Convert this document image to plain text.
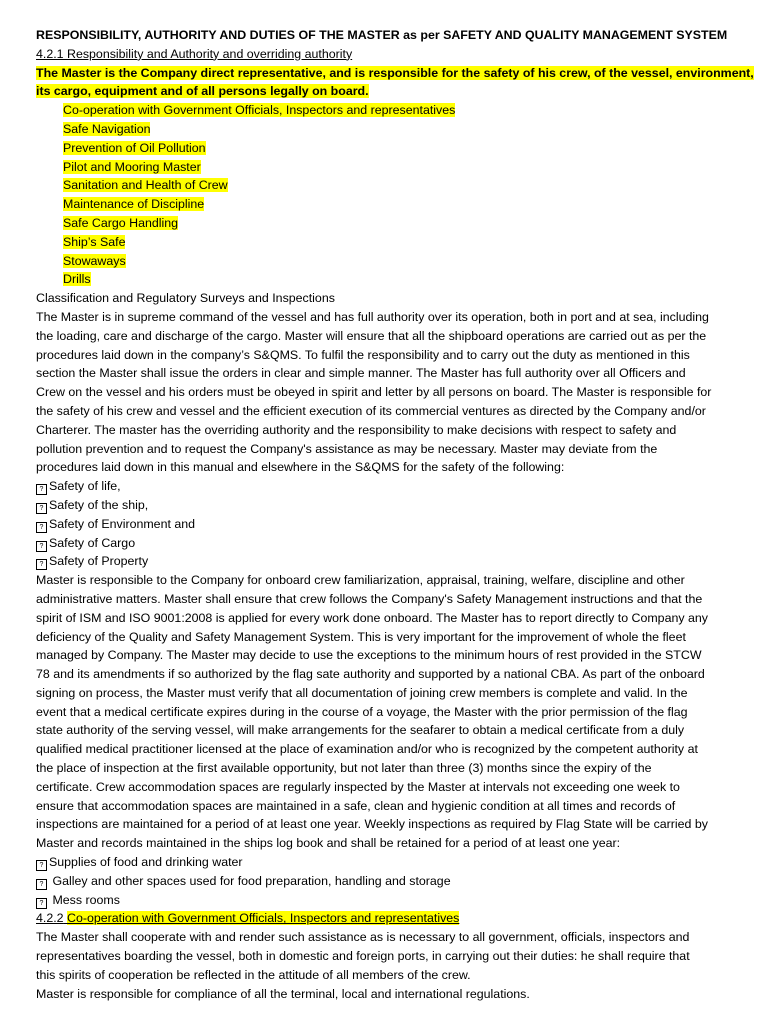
RESPONSIBILITY, AUTHORITY AND DUTIES OF THE MASTER as per SAFETY AND QUALITY MANAGEMENT SYSTEM
4.2.1 Responsibility and Authority and overriding authority
The Master is the Company direct representative, and is responsible for the safety of his crew, of the vessel, environment,
its cargo, equipment and of all persons legally on board.
Co-operation with Government Officials, Inspectors and representatives
Safe Navigation
Prevention of Oil Pollution
Pilot and Mooring Master
Sanitation and Health of Crew
Maintenance of Discipline
Safe Cargo Handling
Ship’s Safe
Stowaways
Drills
Classification and Regulatory Surveys and Inspections
The Master is in supreme command of the vessel and has full authority over its operation, both in port and at sea, including
the loading, care and discharge of the cargo. Master will ensure that all the shipboard operations are carried out as per the
procedures laid down in the company’s S&QMS. To fulfil the responsibility and to carry out the duty as mentioned in this
section the Master shall issue the orders in clear and simple manner. The Master has full authority over all Officers and
Crew on the vessel and his orders must be obeyed in spirit and letter by all persons on board. The Master is responsible for
the safety of his crew and vessel and the efficient execution of its commercial ventures as directed by the Company and/or
Charterer. The master has the overriding authority and the responsibility to make decisions with respect to safety and
pollution prevention and to request the Company's assistance as may be necessary. Master may deviate from the
procedures laid down in this manual and elsewhere in the S&QMS for the safety of the following:
? Safety of life,
? Safety of the ship,
? Safety of Environment and
? Safety of Cargo
? Safety of Property
Master is responsible to the Company for onboard crew familiarization, appraisal, training, welfare, discipline and other
administrative matters. Master shall ensure that crew follows the Company's Safety Management instructions and that the
spirit of ISM and ISO 9001:2008 is applied for every work done onboard. The Master has to report directly to Company any
deficiency of the Quality and Safety Management System. This is very important for the improvement of whole the fleet
managed by Company. The Master may decide to use the exceptions to the minimum hours of rest provided in the STCW
78 and its amendments if so authorized by the flag sate authority and supported by a national CBA. As part of the onboard
signing on process, the Master must verify that all documentation of joining crew members is complete and valid. In the
event that a medical certificate expires during in the course of a voyage, the Master with the prior permission of the flag
state authority of the serving vessel, will make arrangements for the seafarer to obtain a medical certificate from a duly
qualified medical practitioner licensed at the place of examination and/or who is recognized by the competent authority at
the place of inspection at the first available opportunity, but not later than three (3) months since the expiry of the
certificate. Crew accommodation spaces are regularly inspected by the Master at intervals not exceeding one week to
ensure that accommodation spaces are maintained in a safe, clean and hygienic condition at all times and records of
inspections are maintained for a period of at least one year. Weekly inspections as required by Flag State will be carried by
Master and records maintained in the ships log book and shall be retained for a period of at least one year:
? Supplies of food and drinking water
? Galley and other spaces used for food preparation, handling and storage
? Mess rooms
4.2.2 Co-operation with Government Officials, Inspectors and representatives
The Master shall cooperate with and render such assistance as is necessary to all government, officials, inspectors and
representatives boarding the vessel, both in domestic and foreign ports, in carrying out their duties: he shall require that
this spirits of cooperation be reflected in the attitude of all members of the crew.
Master is responsible for compliance of all the terminal, local and international regulations.
